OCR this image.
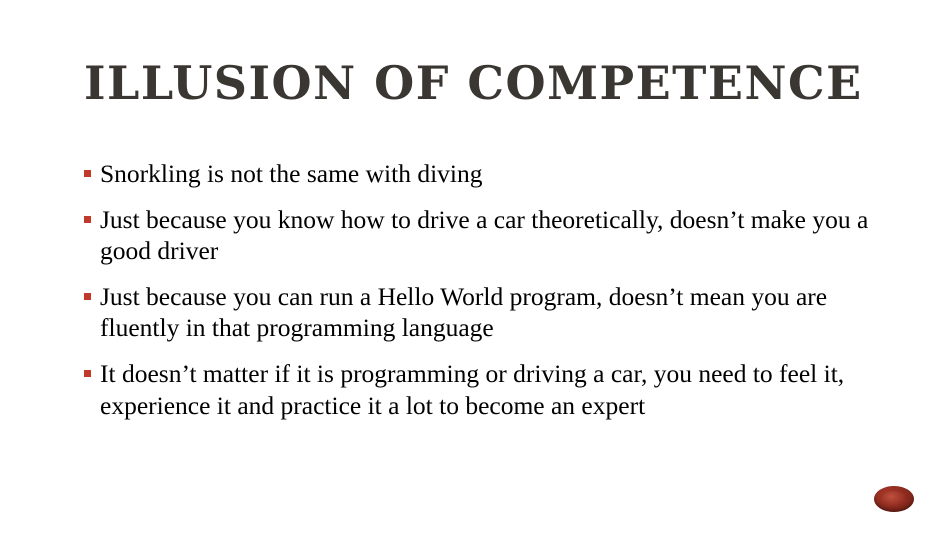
ILLUSION OF COMPETENCE
Snorkling is not the same with diving
Just because you know how to drive a car theoretically, doesn’t make you a good driver
Just because you can run a Hello World program, doesn’t mean you are fluently in that programming language
It doesn’t matter if it is programming or driving a car, you need to feel it, experience it and practice it a lot to become an expert
